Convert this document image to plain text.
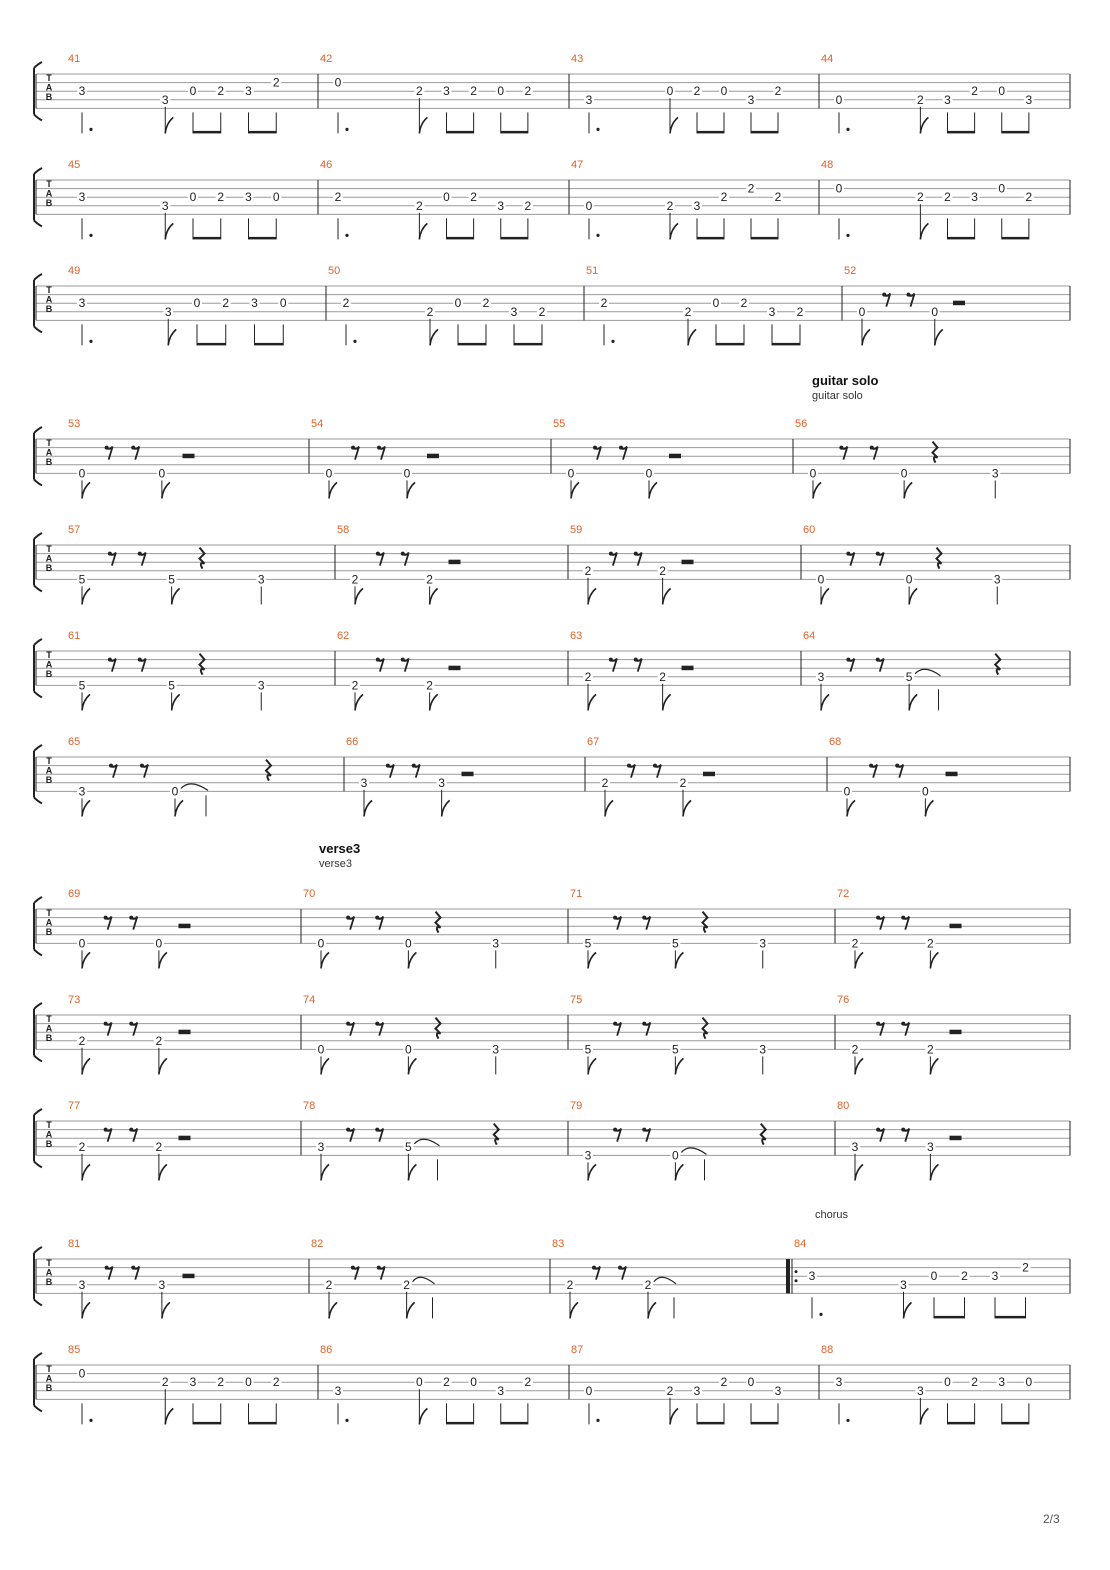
T
A
B
41
3
3
0 2 3
2
42
0
2 3 2 0 2
43
3
0 2 0
3
2
44
0	2 3
2 0
3
T
A
B
45
3
3
0 2 3 0
46
2
2
0 2
3 2
47
0	2 3
2
2
2
48
0
2 2 3
0
2
T
A
B
49
3
3
0 2 3 0
50
2
2
0 2
3 2
51
2
2
0 2
3 2
52
0	0
T
A
B
53
0	0
54
0	0
55
0	0
56
0	0	3
T
A
B
57
5	5	3
58
2	2
59
2	2
60
0	0	3
T
A
B
61
5	5	3
62
2	2
63
2	2
64
3	5
T
A
B
65
3	0
66
3	3
67
2	2
68
0	0
T
A
B
69
0	0
70
0	0	3
71
5	5	3
72
2	2
T
A
B
73
2	2
74
0	0	3
75
5	5	3
76
2	2
T
A
B
77
2	2
78
3	5
79
3	0
80
3	3
T
A
B
81
3	3
82
2	2
83
2	2
84
3
3
0 2 3
2
T
A
B
85
0
2 3 2 0 2
86
3
0 2 0
3
2
87
0	2 3
2 0
3
88
3
3
0 2 3 0
guitar solo
guitar solo
verse3
verse3
chorus
2/3
